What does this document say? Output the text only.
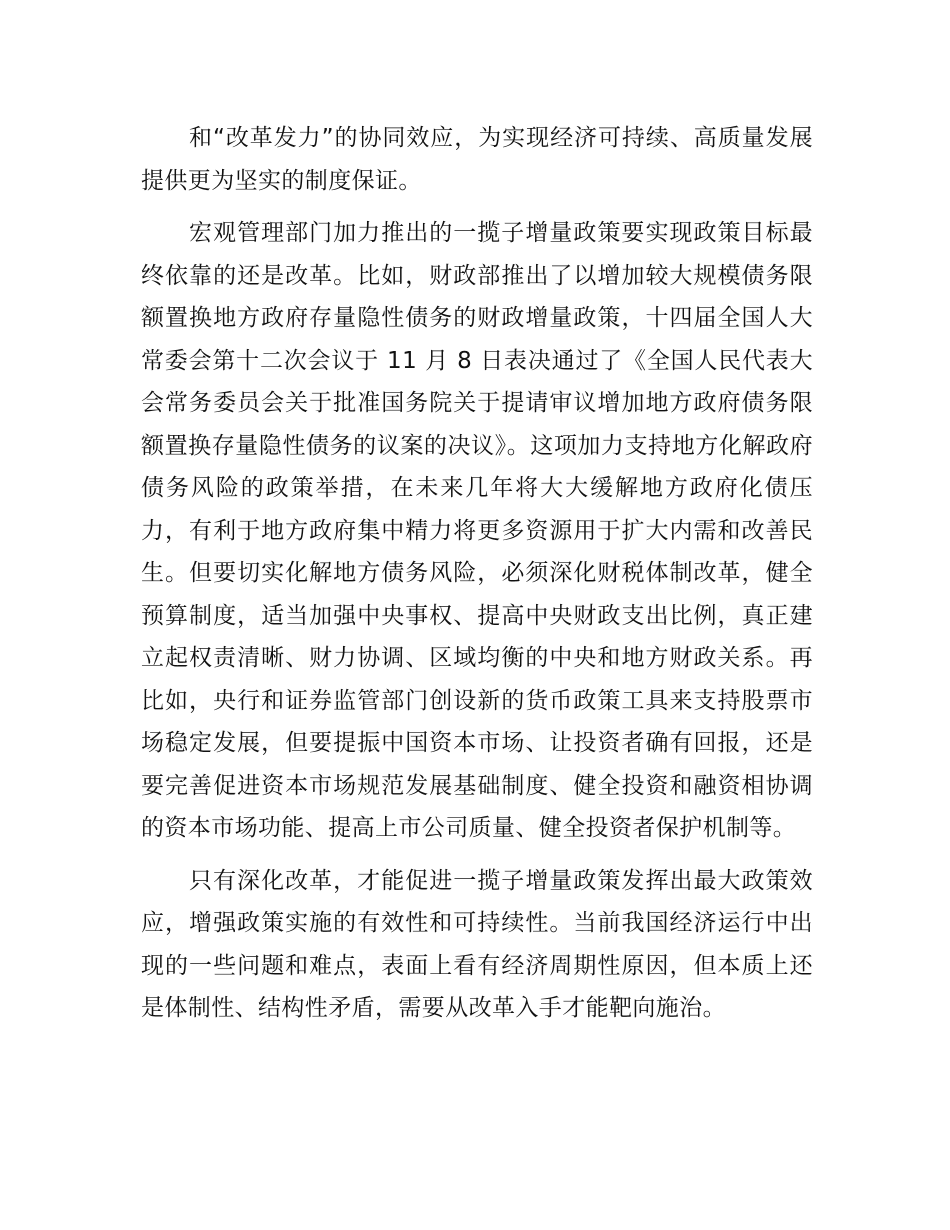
和“改革发力”的协同效应，为实现经济可持续、高质量发展提供更为坚实的制度保证。

宏观管理部门加力推出的一揽子增量政策要实现政策目标最终依靠的还是改革。比如，财政部推出了以增加较大规模债务限额置换地方政府存量隐性债务的财政增量政策，十四届全国人大常委会第十二次会议于 11 月 8 日表决通过了《全国人民代表大会常务委员会关于批准国务院关于提请审议增加地方政府债务限额置换存量隐性债务的议案的决议》。这项加力支持地方化解政府债务风险的政策举措，在未来几年将大大缓解地方政府化债压力，有利于地方政府集中精力将更多资源用于扩大内需和改善民生。但要切实化解地方债务风险，必须深化财税体制改革，健全预算制度，适当加强中央事权、提高中央财政支出比例，真正建立起权责清晰、财力协调、区域均衡的中央和地方财政关系。再比如，央行和证券监管部门创设新的货币政策工具来支持股票市场稳定发展，但要提振中国资本市场、让投资者确有回报，还是要完善促进资本市场规范发展基础制度、健全投资和融资相协调的资本市场功能、提高上市公司质量、健全投资者保护机制等。

只有深化改革，才能促进一揽子增量政策发挥出最大政策效应，增强政策实施的有效性和可持续性。当前我国经济运行中出现的一些问题和难点，表面上看有经济周期性原因，但本质上还是体制性、结构性矛盾，需要从改革入手才能靶向施治。
